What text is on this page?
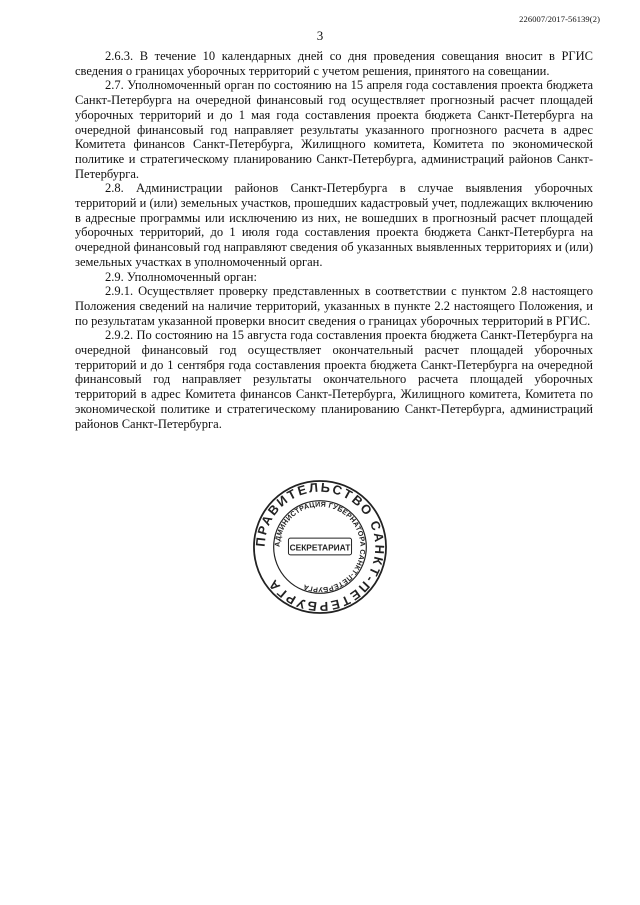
226007/2017-56139(2)
3

2.6.3. В течение 10 календарных дней со дня проведения совещания вносит в РГИС сведения о границах уборочных территорий с учетом решения, принятого на совещании.

2.7. Уполномоченный орган по состоянию на 15 апреля года составления проекта бюджета Санкт-Петербурга на очередной финансовый год осуществляет прогнозный расчет площадей уборочных территорий и до 1 мая года составления проекта бюджета Санкт-Петербурга на очередной финансовый год направляет результаты указанного прогнозного расчета в адрес Комитета финансов Санкт-Петербурга, Жилищного комитета, Комитета по экономической политике и стратегическому планированию Санкт-Петербурга, администраций районов Санкт-Петербурга.

2.8. Администрации районов Санкт-Петербурга в случае выявления уборочных территорий и (или) земельных участков, прошедших кадастровый учет, подлежащих включению в адресные программы или исключению из них, не вошедших в прогнозный расчет площадей уборочных территорий, до 1 июля года составления проекта бюджета Санкт-Петербурга на очередной финансовый год направляют сведения об указанных выявленных территориях и (или) земельных участках в уполномоченный орган.

2.9. Уполномоченный орган:

2.9.1. Осуществляет проверку представленных в соответствии с пунктом 2.8 настоящего Положения сведений на наличие территорий, указанных в пункте 2.2 настоящего Положения, и по результатам указанной проверки вносит сведения о границах уборочных территорий в РГИС.

2.9.2. По состоянию на 15 августа года составления проекта бюджета Санкт-Петербурга на очередной финансовый год осуществляет окончательный расчет площадей уборочных территорий и до 1 сентября года составления проекта бюджета Санкт-Петербурга на очередной финансовый год направляет результаты окончательного расчета площадей уборочных территорий в адрес Комитета финансов Санкт-Петербурга, Жилищного комитета, Комитета по экономической политике и стратегическому планированию Санкт-Петербурга, администраций районов Санкт-Петербурга.

ПРАВИТЕЛЬСТВО САНКТ-ПЕТЕРБУРГА
АДМИНИСТРАЦИЯ ГУБЕРНАТОРА САНКТ-ПЕТЕРБУРГА
СЕКРЕТАРИАТ
